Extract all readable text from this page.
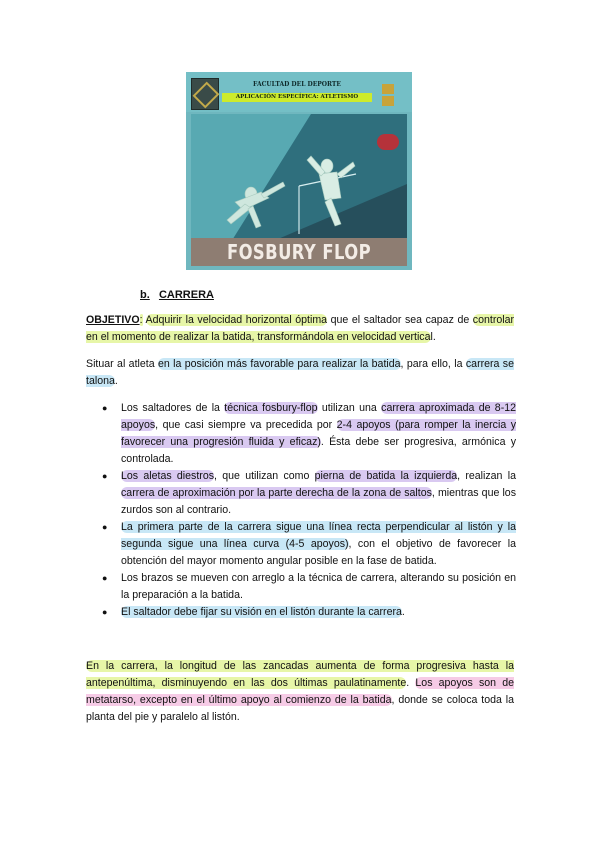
FACULTAD DEL DEPORTE
APLICACIÓN ESPECÍFICA: ATLETISMO
FOSBURY FLOP
b. CARRERA
OBJETIVO: Adquirir la velocidad horizontal óptima que el saltador sea capaz de controlar en el momento de realizar la batida, transformándola en velocidad vertical.
Situar al atleta en la posición más favorable para realizar la batida, para ello, la carrera se talona.
● Los saltadores de la técnica fosbury-flop utilizan una carrera aproximada de 8-12 apoyos, que casi siempre va precedida por 2-4 apoyos (para romper la inercia y favorecer una progresión fluida y eficaz). Ésta debe ser progresiva, armónica y controlada.
● Los aletas diestros, que utilizan como pierna de batida la izquierda, realizan la carrera de aproximación por la parte derecha de la zona de saltos, mientras que los zurdos son al contrario.
● La primera parte de la carrera sigue una línea recta perpendicular al listón y la segunda sigue una línea curva (4-5 apoyos), con el objetivo de favorecer la obtención del mayor momento angular posible en la fase de batida.
● Los brazos se mueven con arreglo a la técnica de carrera, alterando su posición en la preparación a la batida.
● El saltador debe fijar su visión en el listón durante la carrera.
En la carrera, la longitud de las zancadas aumenta de forma progresiva hasta la antepenúltima, disminuyendo en las dos últimas paulatinamente. Los apoyos son de metatarso, excepto en el último apoyo al comienzo de la batida, donde se coloca toda la planta del pie y paralelo al listón.
